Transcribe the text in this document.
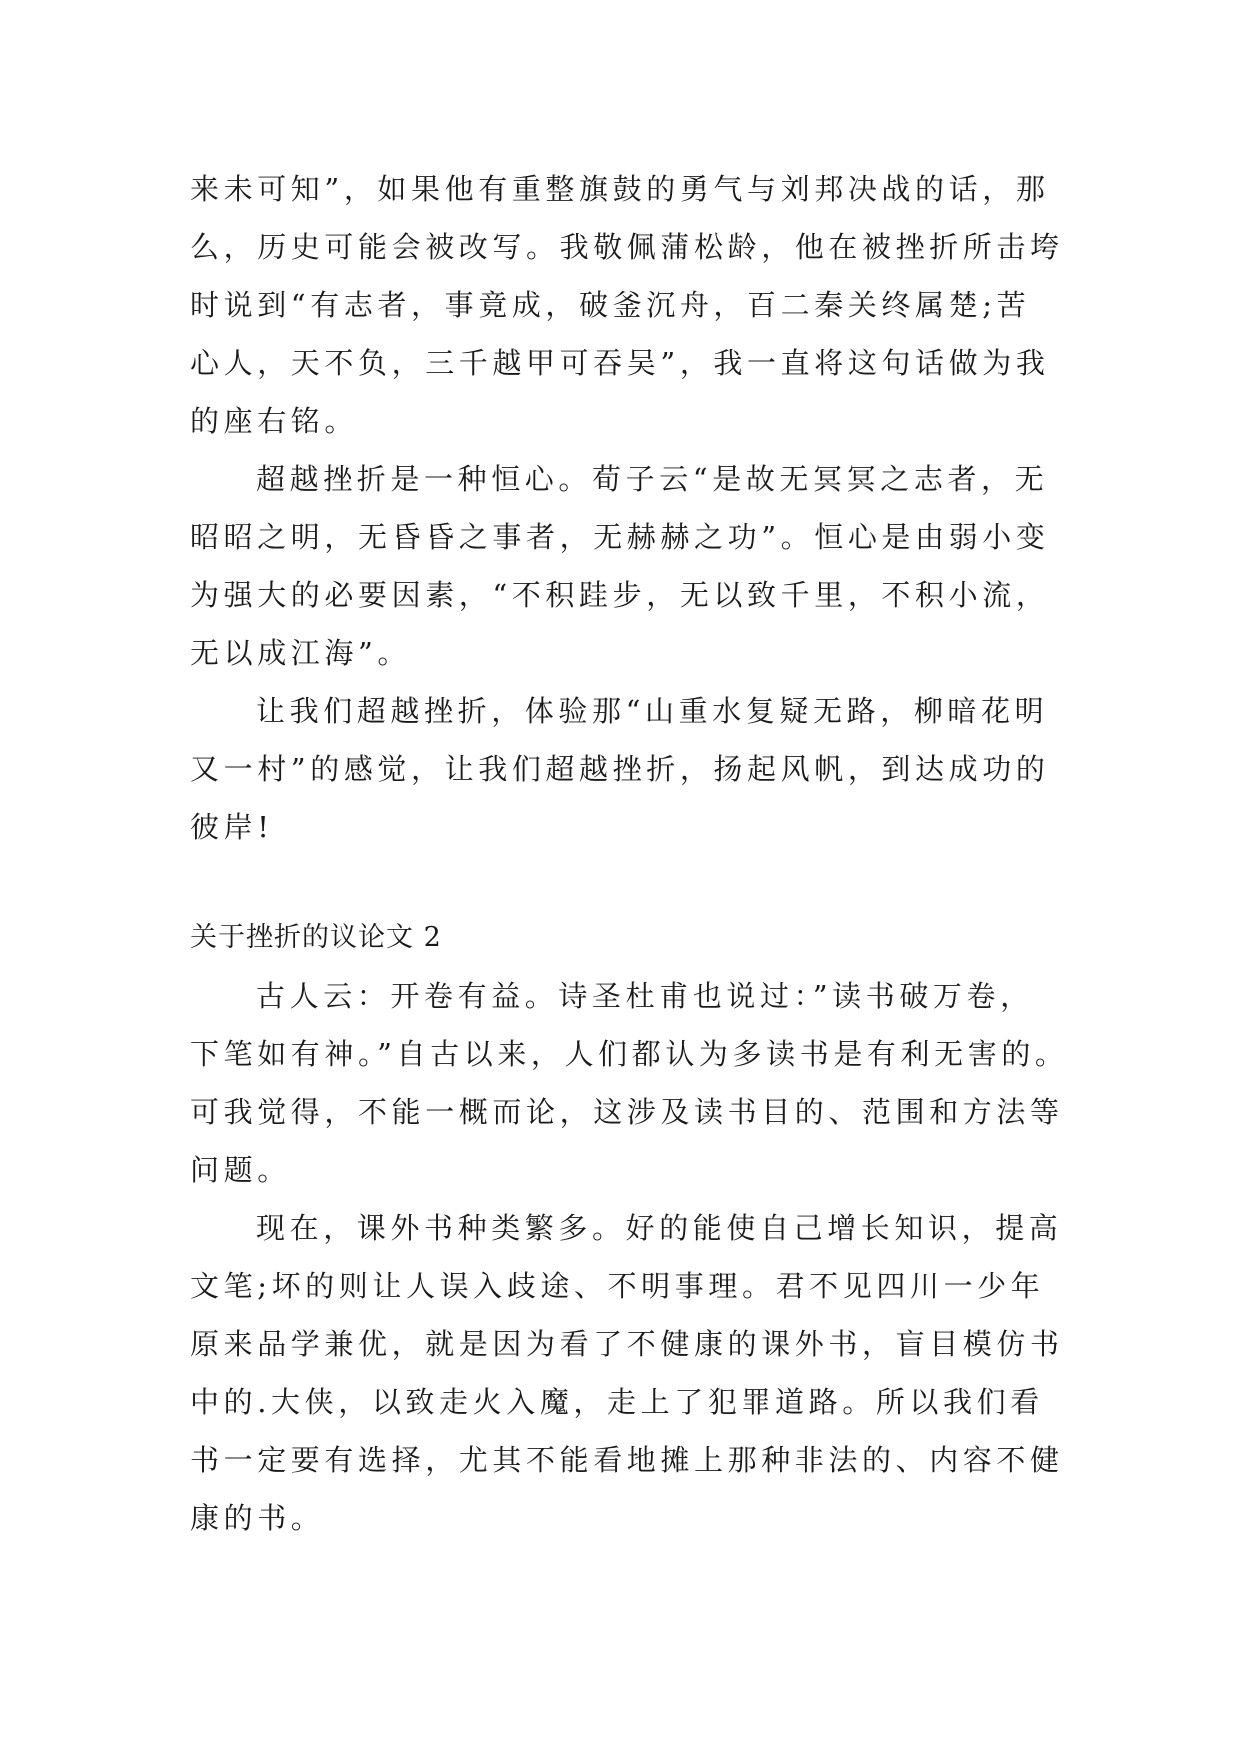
来未可知”，如果他有重整旗鼓的勇气与刘邦决战的话，那
么，历史可能会被改写。我敬佩蒲松龄，他在被挫折所击垮
时说到“有志者，事竟成，破釜沉舟，百二秦关终属楚;苦
心人，天不负，三千越甲可吞吴”，我一直将这句话做为我
的座右铭。
超越挫折是一种恒心。荀子云“是故无冥冥之志者，无
昭昭之明，无昏昏之事者，无赫赫之功”。恒心是由弱小变
为强大的必要因素，“不积跬步，无以致千里，不积小流，
无以成江海”。
让我们超越挫折，体验那“山重水复疑无路，柳暗花明
又一村”的感觉，让我们超越挫折，扬起风帆，到达成功的
彼岸!
关于挫折的议论文 2
古人云：开卷有益。诗圣杜甫也说过：”读书破万卷，
下笔如有神。”自古以来，人们都认为多读书是有利无害的。
可我觉得，不能一概而论，这涉及读书目的、范围和方法等
问题。
现在，课外书种类繁多。好的能使自己增长知识，提高
文笔;坏的则让人误入歧途、不明事理。君不见四川一少年
原来品学兼优，就是因为看了不健康的课外书，盲目模仿书
中的.大侠，以致走火入魔，走上了犯罪道路。所以我们看
书一定要有选择，尤其不能看地摊上那种非法的、内容不健
康的书。
